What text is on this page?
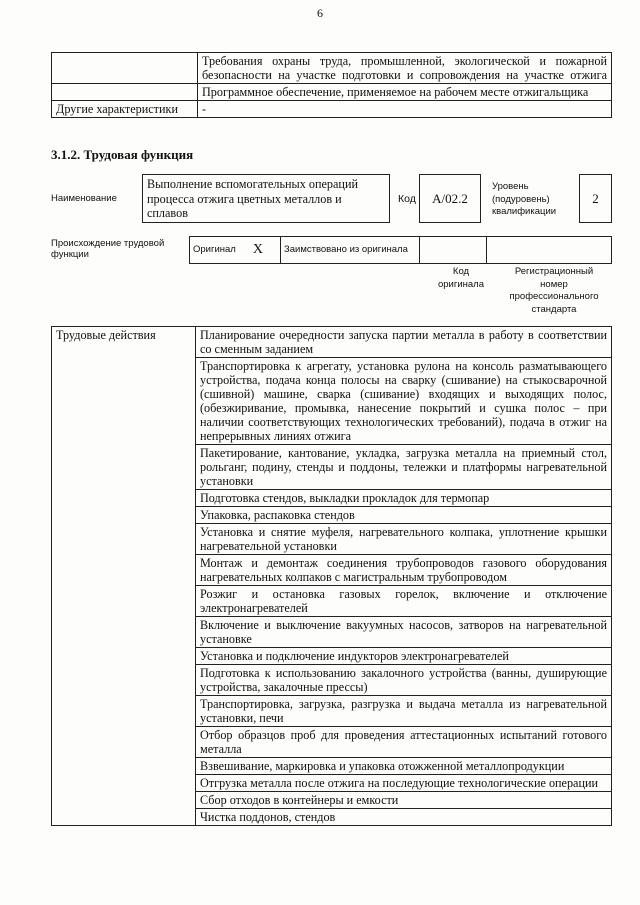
6
	Требования охраны труда, промышленной, экологической и пожарной безопасности на участке подготовки и сопровождения на участке отжига
	Программное обеспечение, применяемое на рабочем месте отжигальщика
Другие характеристики	-
3.1.2. Трудовая функция
Наименование
Выполнение вспомогательных операций процесса отжига цветных металлов и сплавов
Код	А/02.2
Уровень (подуровень) квалификации
2
Происхождение трудовой функции	Оригинал X	Заимствовано из оригинала		
Код оригинала
Регистрационный номер профессионального стандарта
Трудовые действия	Планирование очередности запуска партии металла в работу в соответствии со сменным заданием
Транспортировка к агрегату, установка рулона на консоль разматывающего устройства, подача конца полосы на сварку (сшивание) на стыкосварочной (сшивной) машине, сварка (сшивание) входящих и выходящих полос, (обезжиривание, промывка, нанесение покрытий и сушка полос – при наличии соответствующих технологических требований), подача в отжиг на непрерывных линиях отжига
Пакетирование, кантование, укладка, загрузка металла на приемный стол, рольганг, подину, стенды и поддоны, тележки и платформы нагревательной установки
Подготовка стендов, выкладки прокладок для термопар
Упаковка, распаковка стендов
Установка и снятие муфеля, нагревательного колпака, уплотнение крышки нагревательной установки
Монтаж и демонтаж соединения трубопроводов газового оборудования нагревательных колпаков с магистральным трубопроводом
Розжиг и остановка газовых горелок, включение и отключение электронагревателей
Включение и выключение вакуумных насосов, затворов на нагревательной установке
Установка и подключение индукторов электронагревателей
Подготовка к использованию закалочного устройства (ванны, душирующие устройства, закалочные прессы)
Транспортировка, загрузка, разгрузка и выдача металла из нагревательной установки, печи
Отбор образцов проб для проведения аттестационных испытаний готового металла
Взвешивание, маркировка и упаковка отожженной металлопродукции
Отгрузка металла после отжига на последующие технологические операции
Сбор отходов в контейнеры и емкости
Чистка поддонов, стендов
